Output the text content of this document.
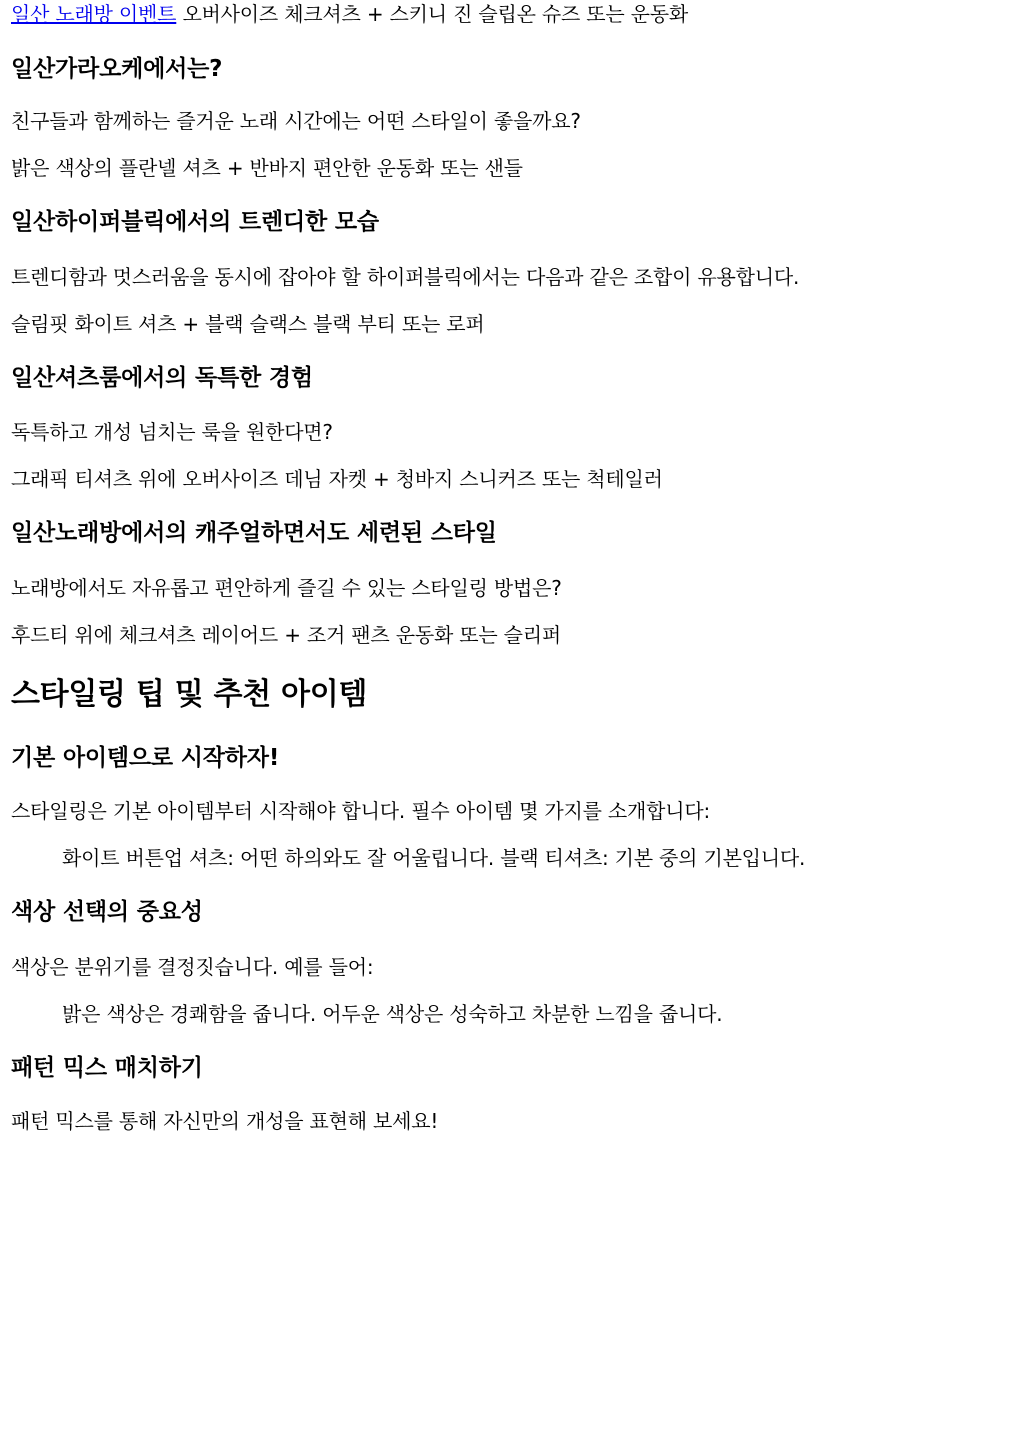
일산 노래방 이벤트 오버사이즈 체크셔츠 + 스키니 진 슬립온 슈즈 또는 운동화

일산가라오케에서는?

친구들과 함께하는 즐거운 노래 시간에는 어떤 스타일이 좋을까요?

밝은 색상의 플란넬 셔츠 + 반바지 편안한 운동화 또는 샌들

일산하이퍼블릭에서의 트렌디한 모습

트렌디함과 멋스러움을 동시에 잡아야 할 하이퍼블릭에서는 다음과 같은 조합이 유용합니다.

슬림핏 화이트 셔츠 + 블랙 슬랙스 블랙 부티 또는 로퍼

일산셔츠룸에서의 독특한 경험

독특하고 개성 넘치는 룩을 원한다면?

그래픽 티셔츠 위에 오버사이즈 데님 자켓 + 청바지 스니커즈 또는 척테일러

일산노래방에서의 캐주얼하면서도 세련된 스타일

노래방에서도 자유롭고 편안하게 즐길 수 있는 스타일링 방법은?

후드티 위에 체크셔츠 레이어드 + 조거 팬츠 운동화 또는 슬리퍼

스타일링 팁 및 추천 아이템
기본 아이템으로 시작하자!

스타일링은 기본 아이템부터 시작해야 합니다. 필수 아이템 몇 가지를 소개합니다:

화이트 버튼업 셔츠: 어떤 하의와도 잘 어울립니다. 블랙 티셔츠: 기본 중의 기본입니다.

색상 선택의 중요성

색상은 분위기를 결정짓습니다. 예를 들어:

밝은 색상은 경쾌함을 줍니다. 어두운 색상은 성숙하고 차분한 느낌을 줍니다.

패턴 믹스 매치하기

패턴 믹스를 통해 자신만의 개성을 표현해 보세요!
